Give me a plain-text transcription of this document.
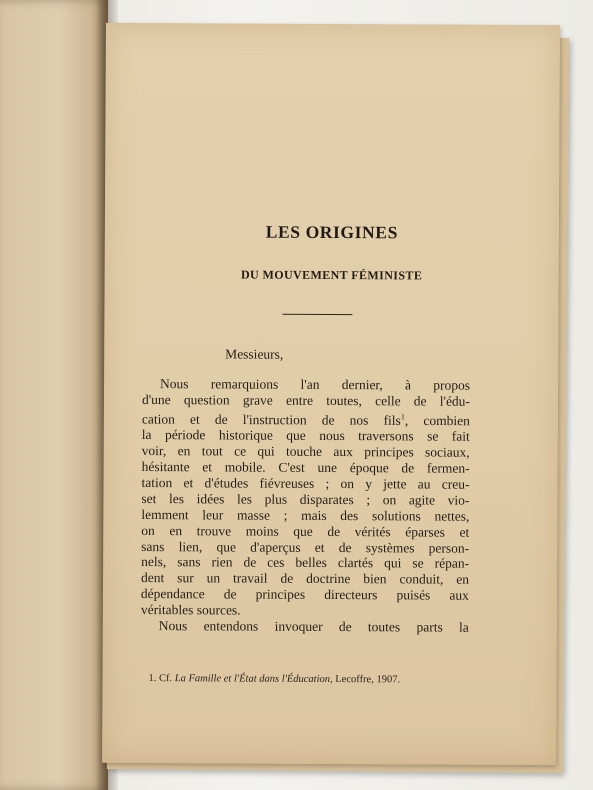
LES ORIGINES
DU MOUVEMENT FÉMINISTE
Messieurs,
Nous remarquions l'an dernier, à propos
d'une question grave entre toutes, celle de l'édu-
cation et de l'instruction de nos fils$^1$, combien
la période historique que nous traversons se fait
voir, en tout ce qui touche aux principes sociaux,
hésitante et mobile. C'est une époque de fermen-
tation et d'études fiévreuses ; on y jette au creu-
set les idées les plus disparates ; on agite vio-
lemment leur masse ; mais des solutions nettes,
on en trouve moins que de vérités éparses et
sans lien, que d'aperçus et de systèmes person-
nels, sans rien de ces belles clartés qui se répan-
dent sur un travail de doctrine bien conduit, en
dépendance de principes directeurs puisés aux
véritables sources.
Nous entendons invoquer de toutes parts la
1. Cf. La Famille et l'État dans l'Éducation, Lecoffre, 1907.
